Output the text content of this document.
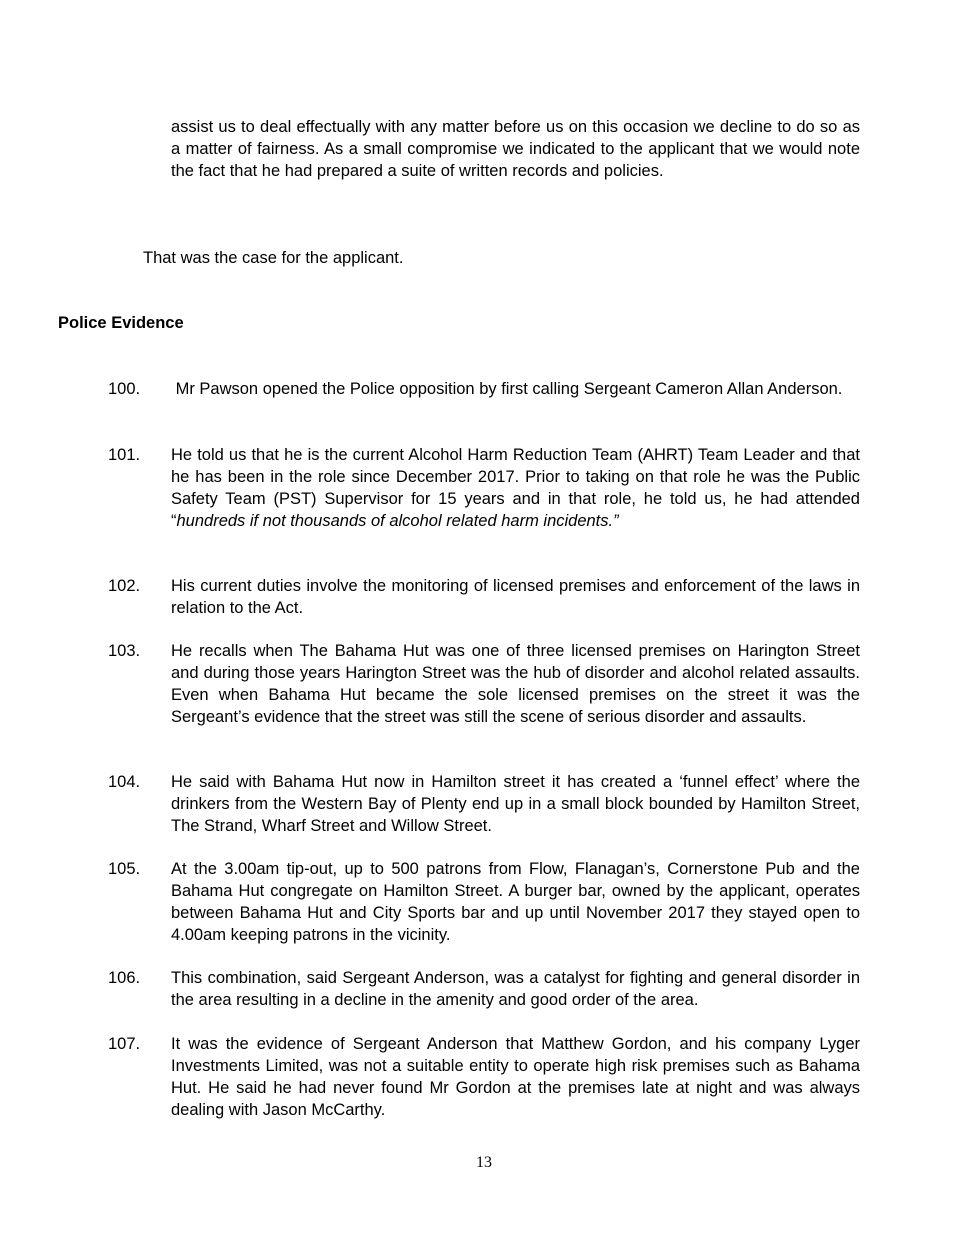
assist us to deal effectually with any matter before us on this occasion we decline to do so as a matter of fairness. As a small compromise we indicated to the applicant that we would note the fact that he had prepared a suite of written records and policies.
That was the case for the applicant.
Police Evidence
100. Mr Pawson opened the Police opposition by first calling Sergeant Cameron Allan Anderson.
101. He told us that he is the current Alcohol Harm Reduction Team (AHRT) Team Leader and that he has been in the role since December 2017. Prior to taking on that role he was the Public Safety Team (PST) Supervisor for 15 years and in that role, he told us, he had attended “hundreds if not thousands of alcohol related harm incidents.”
102. His current duties involve the monitoring of licensed premises and enforcement of the laws in relation to the Act.
103. He recalls when The Bahama Hut was one of three licensed premises on Harington Street and during those years Harington Street was the hub of disorder and alcohol related assaults. Even when Bahama Hut became the sole licensed premises on the street it was the Sergeant’s evidence that the street was still the scene of serious disorder and assaults.
104. He said with Bahama Hut now in Hamilton street it has created a ‘funnel effect’ where the drinkers from the Western Bay of Plenty end up in a small block bounded by Hamilton Street, The Strand, Wharf Street and Willow Street.
105. At the 3.00am tip-out, up to 500 patrons from Flow, Flanagan’s, Cornerstone Pub and the Bahama Hut congregate on Hamilton Street. A burger bar, owned by the applicant, operates between Bahama Hut and City Sports bar and up until November 2017 they stayed open to 4.00am keeping patrons in the vicinity.
106. This combination, said Sergeant Anderson, was a catalyst for fighting and general disorder in the area resulting in a decline in the amenity and good order of the area.
107. It was the evidence of Sergeant Anderson that Matthew Gordon, and his company Lyger Investments Limited, was not a suitable entity to operate high risk premises such as Bahama Hut. He said he had never found Mr Gordon at the premises late at night and was always dealing with Jason McCarthy.
13
